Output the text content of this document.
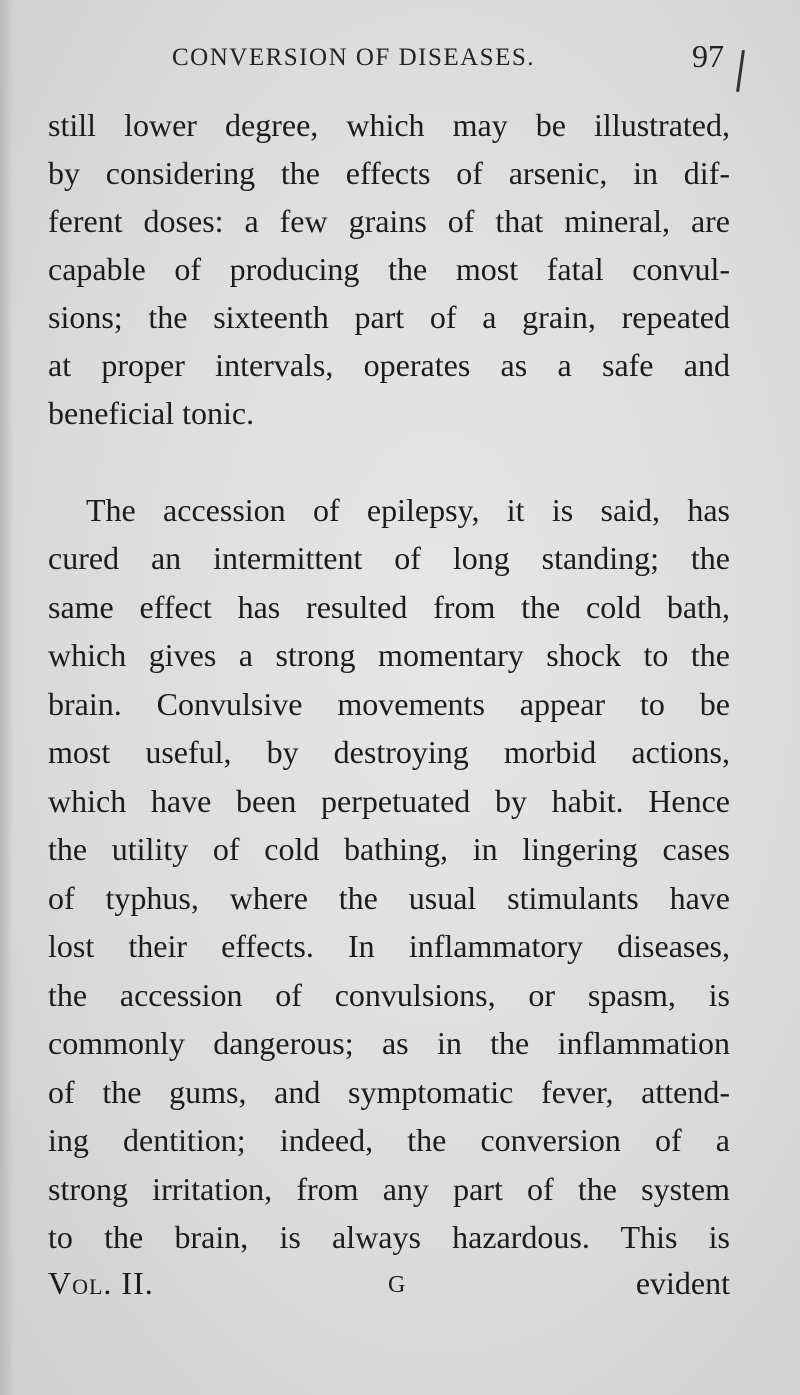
CONVERSION OF DISEASES.	97
still lower degree, which may be illustrated,
by considering the effects of arsenic, in dif-
ferent doses: a few grains of that mineral, are
capable of producing the most fatal convul-
sions; the sixteenth part of a grain, repeated
at proper intervals, operates as a safe and
beneficial tonic.
The accession of epilepsy, it is said, has
cured an intermittent of long standing; the
same effect has resulted from the cold bath,
which gives a strong momentary shock to the
brain. Convulsive movements appear to be
most useful, by destroying morbid actions,
which have been perpetuated by habit. Hence
the utility of cold bathing, in lingering cases
of typhus, where the usual stimulants have
lost their effects. In inflammatory diseases,
the accession of convulsions, or spasm, is
commonly dangerous; as in the inflammation
of the gums, and symptomatic fever, attend-
ing dentition; indeed, the conversion of a
strong irritation, from any part of the system
to the brain, is always hazardous. This is
Vol. II.	G	evident
